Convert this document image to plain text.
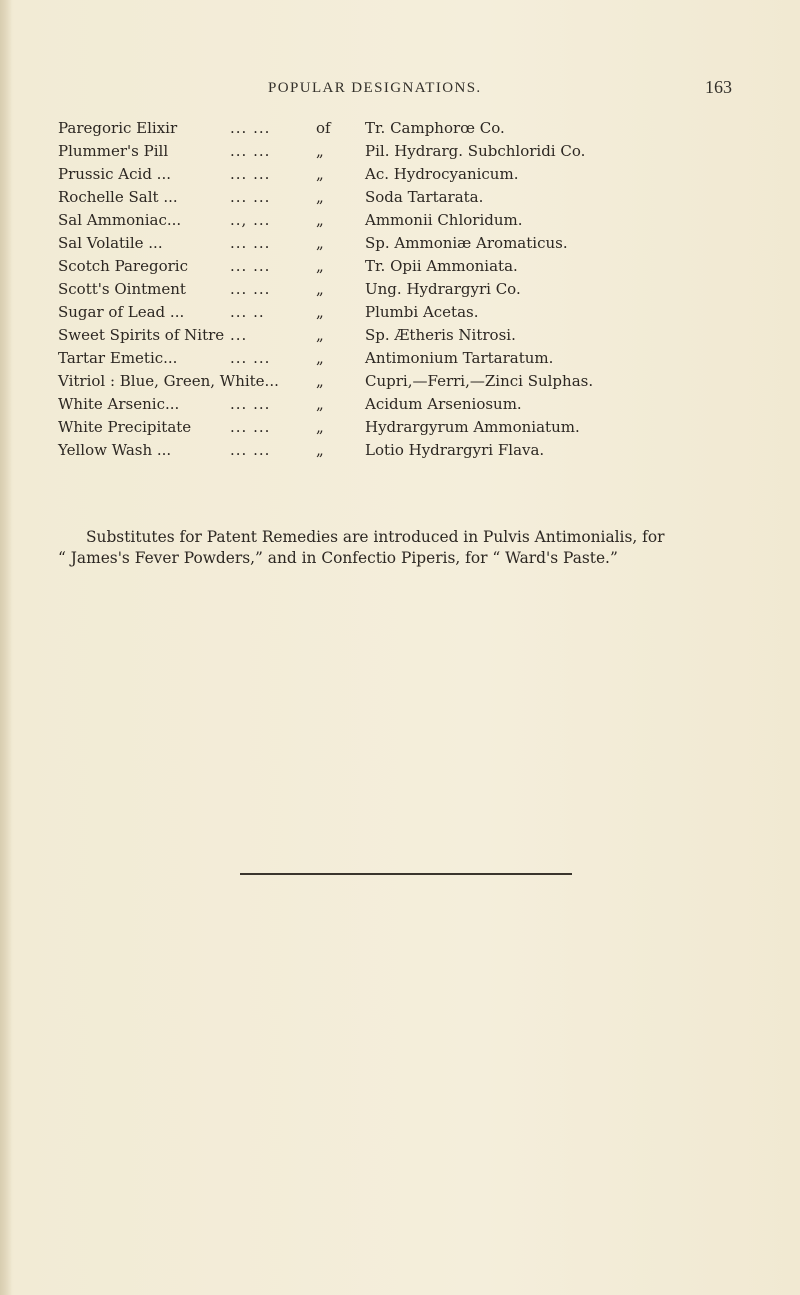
POPULAR DESIGNATIONS.	163
Paregoric Elixir	... ...	of	Tr. Camphorœ Co.
Plummer's Pill	... ...	„	Pil. Hydrarg. Subchloridi Co.
Prussic Acid ...	... ...	„	Ac. Hydrocyanicum.
Rochelle Salt ...	... ...	„	Soda Tartarata.
Sal Ammoniac...	.., ...	„	Ammonii Chloridum.
Sal Volatile ...	... ...	„	Sp. Ammoniæ Aromaticus.
Scotch Paregoric	... ...	„	Tr. Opii Ammoniata.
Scott's Ointment	... ...	„	Ung. Hydrargyri Co.
Sugar of Lead ...	... ..	„	Plumbi Acetas.
Sweet Spirits of Nitre ...	„	Sp. Ætheris Nitrosi.
Tartar Emetic...	... ...	„	Antimonium Tartaratum.
Vitriol : Blue, Green, White... „	Cupri,—Ferri,—Zinci Sulphas.
White Arsenic...	... ...	„	Acidum Arseniosum.
White Precipitate	... ...	„	Hydrargyrum Ammoniatum.
Yellow Wash ...	... ...	„	Lotio Hydrargyri Flava.
Substitutes for Patent Remedies are introduced in Pulvis Antimonialis, for
“ James's Fever Powders,” and in Confectio Piperis, for “ Ward's Paste.”
